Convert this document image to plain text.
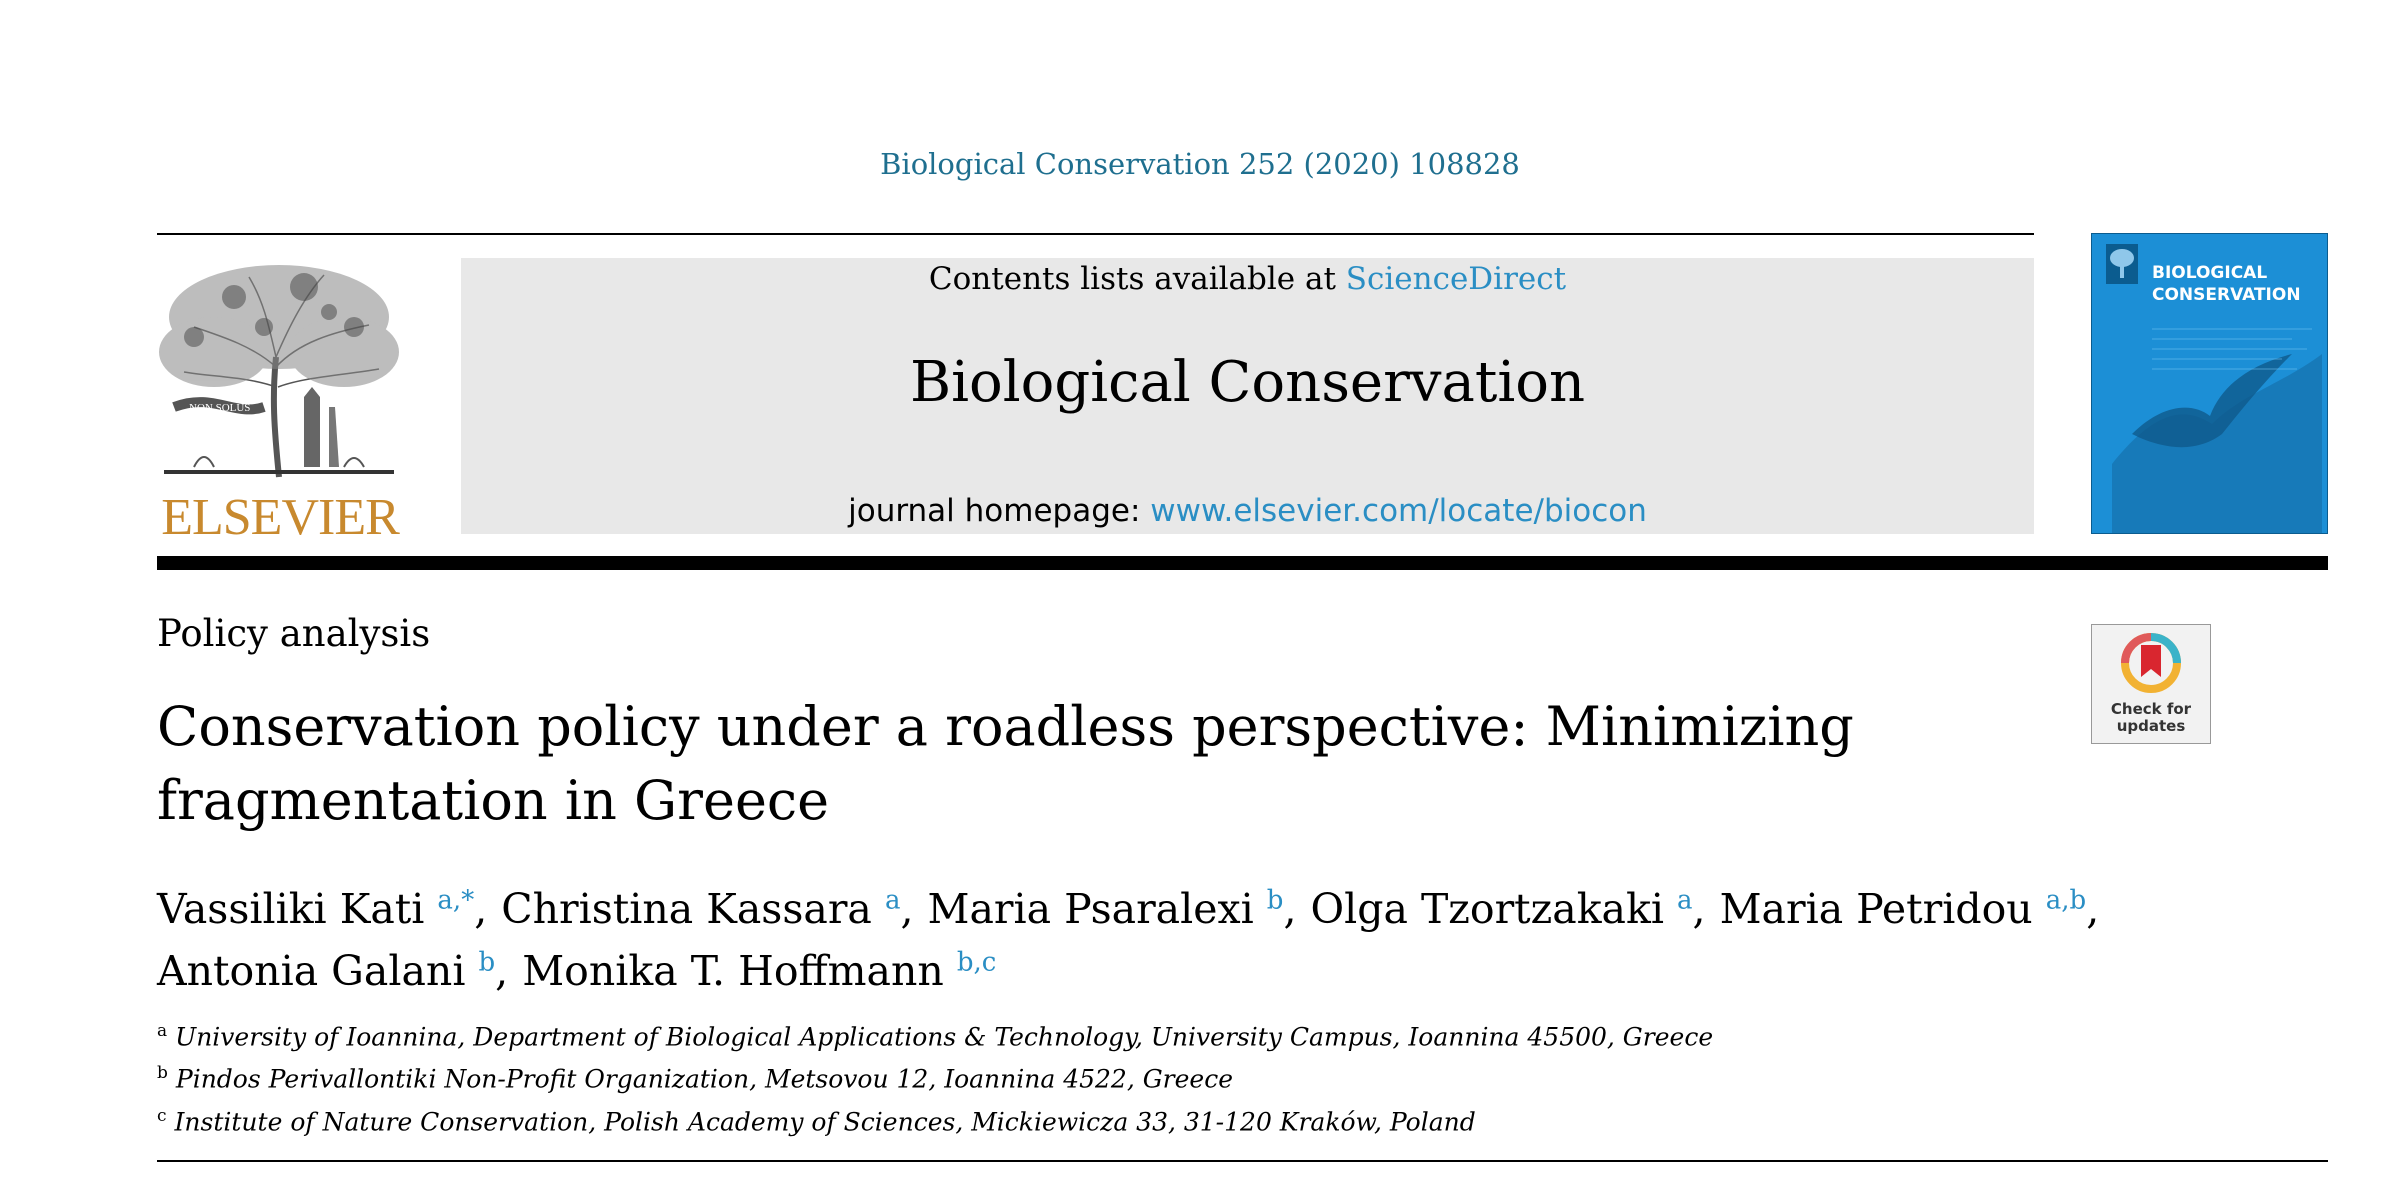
Biological Conservation 252 (2020) 108828
NON SOLUS
ELSEVIER
Contents lists available at ScienceDirect
Biological Conservation
journal homepage: www.elsevier.com/locate/biocon
BIOLOGICAL
CONSERVATION
Policy analysis
Conservation policy under a roadless perspective: Minimizing
fragmentation in Greece
Check for
updates
Vassiliki Kati $^{a,*}$, Christina Kassara $^a$, Maria Psaralexi $^b$, Olga Tzortzakaki $^a$, Maria Petridou $^{a,b}$,
Antonia Galani $^b$, Monika T. Hoffmann $^{b,c}$
$^a$ University of Ioannina, Department of Biological Applications & Technology, University Campus, Ioannina 45500, Greece
$^b$ Pindos Perivallontiki Non-Profit Organization, Metsovou 12, Ioannina 4522, Greece
$^c$ Institute of Nature Conservation, Polish Academy of Sciences, Mickiewicza 33, 31-120 Kraków, Poland
